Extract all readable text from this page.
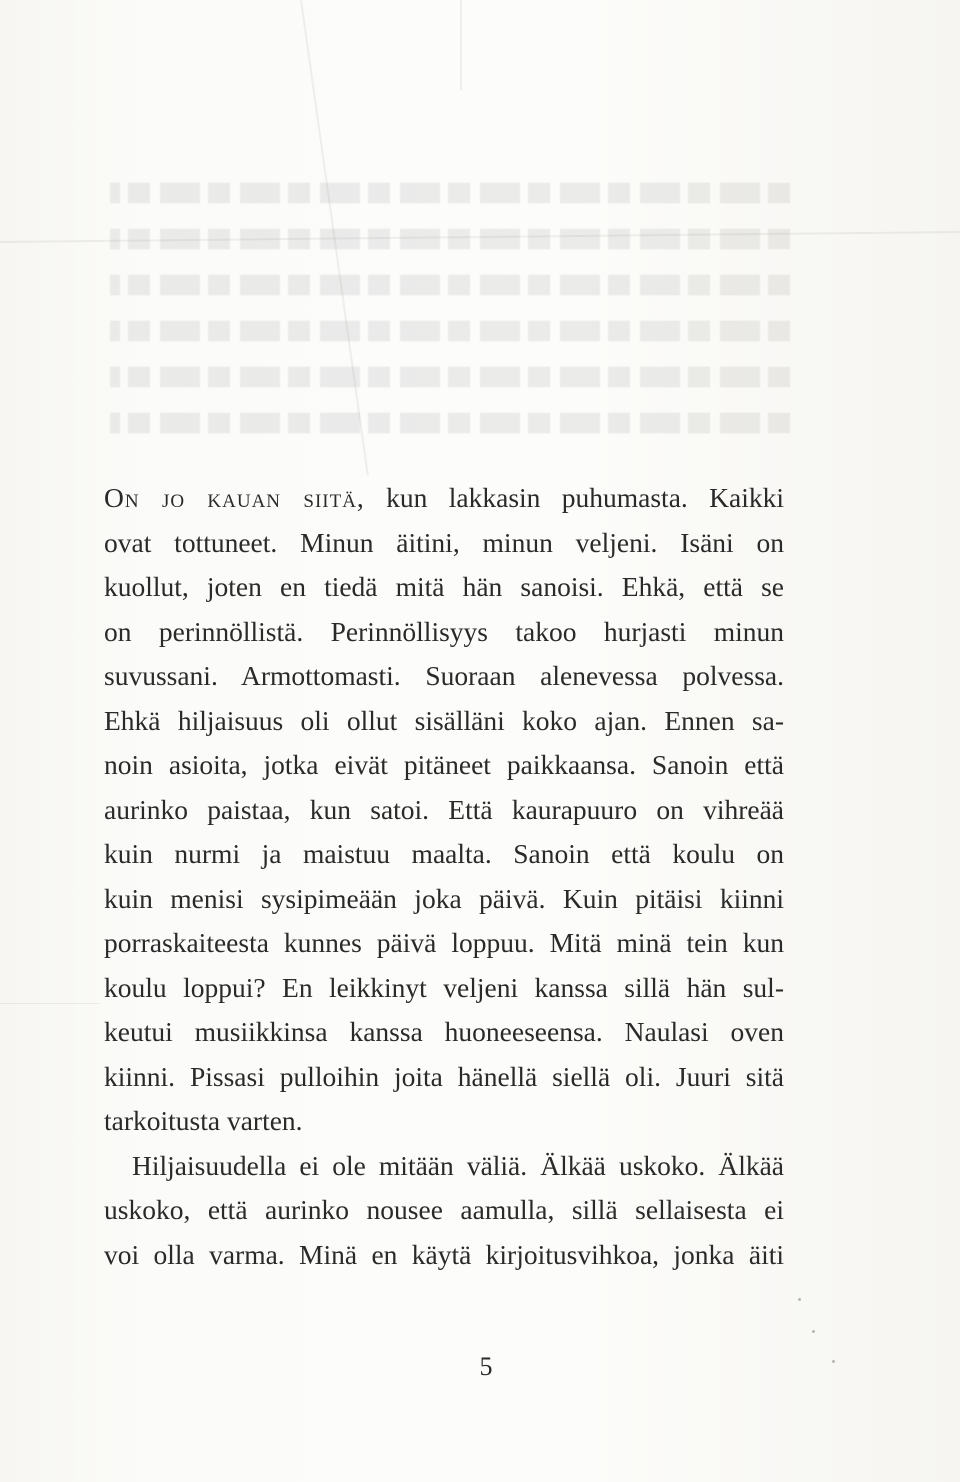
On jo kauan siitä, kun lakkasin puhumasta. Kaikki
ovat tottuneet. Minun äitini, minun veljeni. Isäni on
kuollut, joten en tiedä mitä hän sanoisi. Ehkä, että se
on perinnöllistä. Perinnöllisyys takoo hurjasti minun
suvussani. Armottomasti. Suoraan alenevessa polvessa.
Ehkä hiljaisuus oli ollut sisälläni koko ajan. Ennen sa-
noin asioita, jotka eivät pitäneet paikkaansa. Sanoin että
aurinko paistaa, kun satoi. Että kaurapuuro on vihreää
kuin nurmi ja maistuu maalta. Sanoin että koulu on
kuin menisi sysipimeään joka päivä. Kuin pitäisi kiinni
porraskaiteesta kunnes päivä loppuu. Mitä minä tein kun
koulu loppui? En leikkinyt veljeni kanssa sillä hän sul-
keutui musiikkinsa kanssa huoneeseensa. Naulasi oven
kiinni. Pissasi pulloihin joita hänellä siellä oli. Juuri sitä
tarkoitusta varten.
Hiljaisuudella ei ole mitään väliä. Älkää uskoko. Älkää
uskoko, että aurinko nousee aamulla, sillä sellaisesta ei
voi olla varma. Minä en käytä kirjoitusvihkoa, jonka äiti
5
